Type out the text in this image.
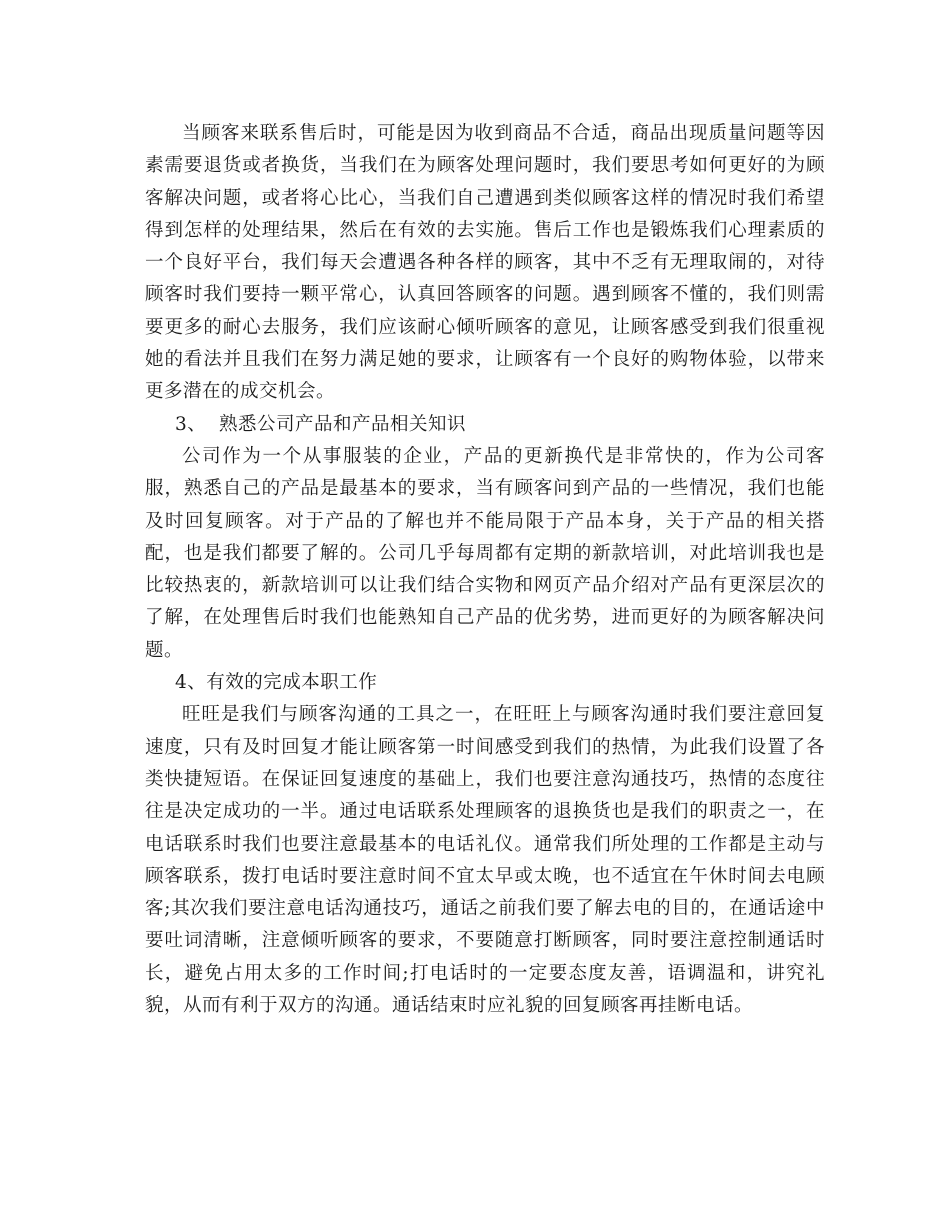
当顾客来联系售后时，可能是因为收到商品不合适，商品出现质量问题等因素需要退货或者换货，当我们在为顾客处理问题时，我们要思考如何更好的为顾客解决问题，或者将心比心，当我们自己遭遇到类似顾客这样的情况时我们希望得到怎样的处理结果，然后在有效的去实施。售后工作也是锻炼我们心理素质的一个良好平台，我们每天会遭遇各种各样的顾客，其中不乏有无理取闹的，对待顾客时我们要持一颗平常心，认真回答顾客的问题。遇到顾客不懂的，我们则需要更多的耐心去服务，我们应该耐心倾听顾客的意见，让顾客感受到我们很重视她的看法并且我们在努力满足她的要求，让顾客有一个良好的购物体验，以带来更多潜在的成交机会。

3、 熟悉公司产品和产品相关知识

公司作为一个从事服装的企业，产品的更新换代是非常快的，作为公司客服，熟悉自己的产品是最基本的要求，当有顾客问到产品的一些情况，我们也能及时回复顾客。对于产品的了解也并不能局限于产品本身，关于产品的相关搭配，也是我们都要了解的。公司几乎每周都有定期的新款培训，对此培训我也是比较热衷的，新款培训可以让我们结合实物和网页产品介绍对产品有更深层次的了解，在处理售后时我们也能熟知自己产品的优劣势，进而更好的为顾客解决问题。

4、有效的完成本职工作

旺旺是我们与顾客沟通的工具之一，在旺旺上与顾客沟通时我们要注意回复速度，只有及时回复才能让顾客第一时间感受到我们的热情，为此我们设置了各类快捷短语。在保证回复速度的基础上，我们也要注意沟通技巧，热情的态度往往是决定成功的一半。通过电话联系处理顾客的退换货也是我们的职责之一，在电话联系时我们也要注意最基本的电话礼仪。通常我们所处理的工作都是主动与顾客联系，拨打电话时要注意时间不宜太早或太晚，也不适宜在午休时间去电顾客;其次我们要注意电话沟通技巧，通话之前我们要了解去电的目的，在通话途中要吐词清晰，注意倾听顾客的要求，不要随意打断顾客，同时要注意控制通话时长，避免占用太多的工作时间;打电话时的一定要态度友善，语调温和，讲究礼貌，从而有利于双方的沟通。通话结束时应礼貌的回复顾客再挂断电话。
